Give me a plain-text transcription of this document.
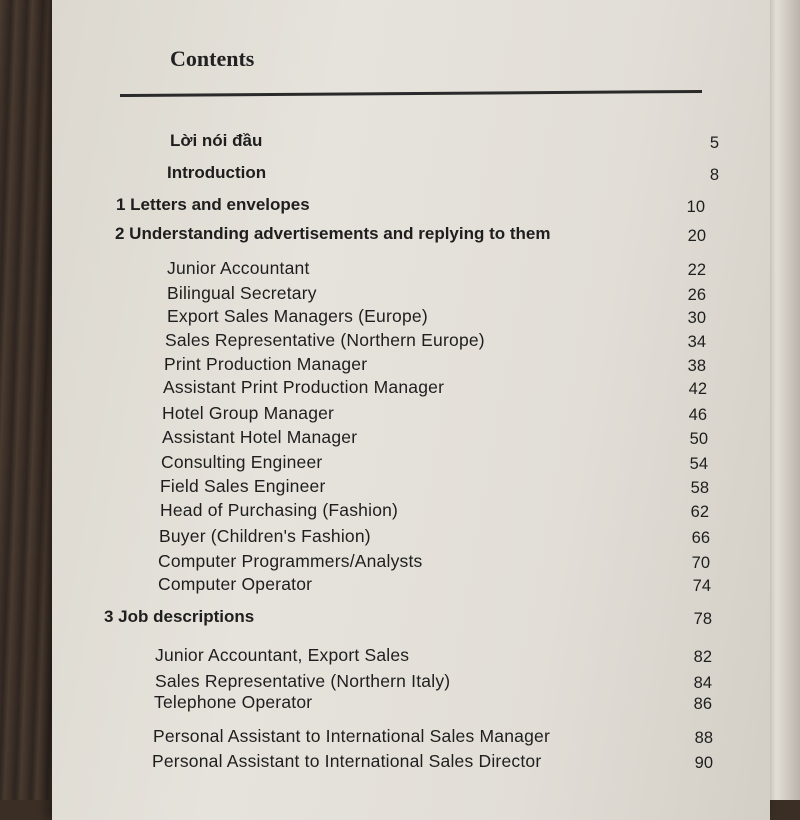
Contents
Lời nói đầu	5
Introduction	8
1 Letters and envelopes	10
2 Understanding advertisements and replying to them	20
Junior Accountant	22
Bilingual Secretary	26
Export Sales Managers (Europe)	30
Sales Representative (Northern Europe)	34
Print Production Manager	38
Assistant Print Production Manager	42
Hotel Group Manager	46
Assistant Hotel Manager	50
Consulting Engineer	54
Field Sales Engineer	58
Head of Purchasing (Fashion)	62
Buyer (Children's Fashion)	66
Computer Programmers/Analysts	70
Computer Operator	74
3 Job descriptions	78
Junior Accountant, Export Sales	82
Sales Representative (Northern Italy)	84
Telephone Operator	86
Personal Assistant to International Sales Manager	88
Personal Assistant to International Sales Director	90
